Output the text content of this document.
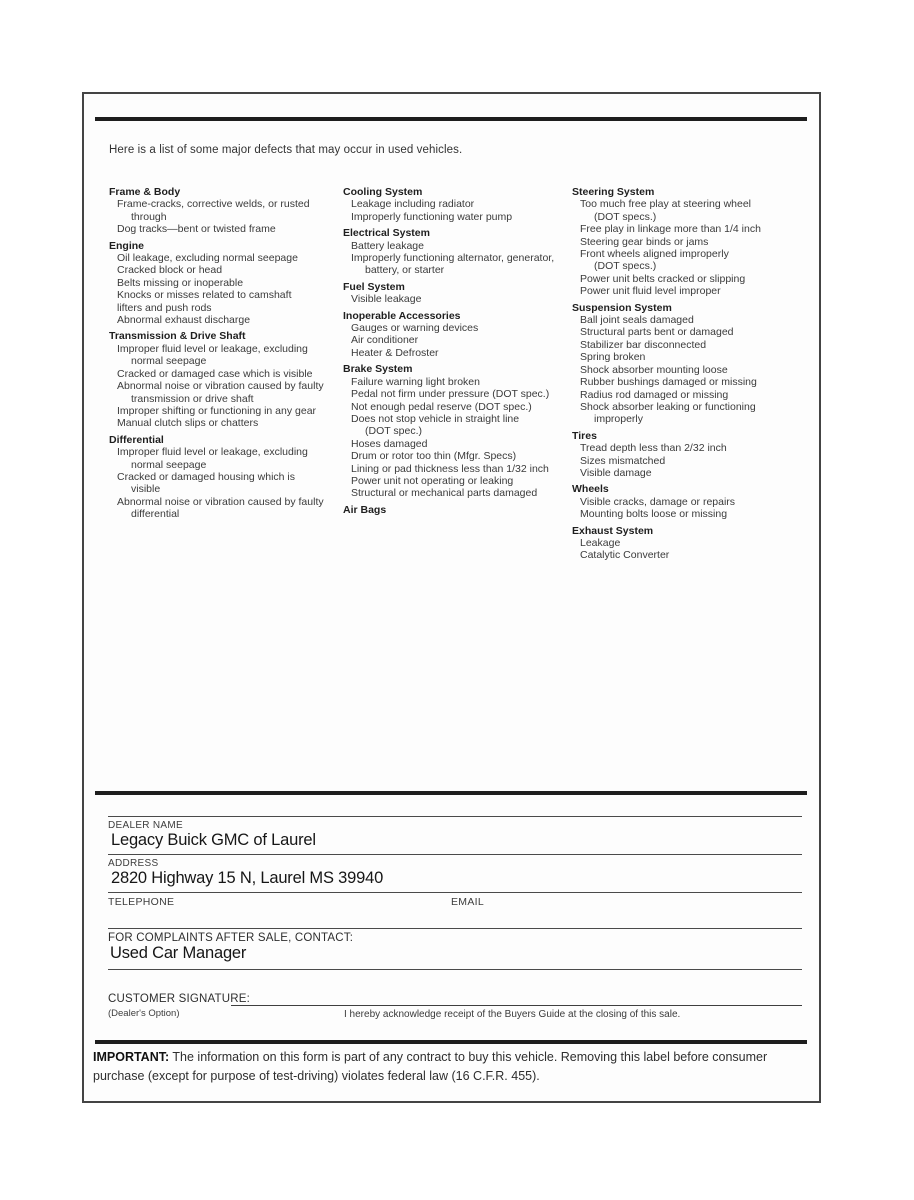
Here is a list of some major defects that may occur in used vehicles.
Frame & Body
Frame-cracks, corrective welds, or rusted
through
Dog tracks—bent or twisted frame
Engine
Oil leakage, excluding normal seepage
Cracked block or head
Belts missing or inoperable
Knocks or misses related to camshaft
lifters and push rods
Abnormal exhaust discharge
Transmission & Drive Shaft
Improper fluid level or leakage, excluding
normal seepage
Cracked or damaged case which is visible
Abnormal noise or vibration caused by faulty
transmission or drive shaft
Improper shifting or functioning in any gear
Manual clutch slips or chatters
Differential
Improper fluid level or leakage, excluding
normal seepage
Cracked or damaged housing which is
visible
Abnormal noise or vibration caused by faulty
differential
Cooling System
Leakage including radiator
Improperly functioning water pump
Electrical System
Battery leakage
Improperly functioning alternator, generator,
battery, or starter
Fuel System
Visible leakage
Inoperable Accessories
Gauges or warning devices
Air conditioner
Heater & Defroster
Brake System
Failure warning light broken
Pedal not firm under pressure (DOT spec.)
Not enough pedal reserve (DOT spec.)
Does not stop vehicle in straight line
(DOT spec.)
Hoses damaged
Drum or rotor too thin (Mfgr. Specs)
Lining or pad thickness less than 1/32 inch
Power unit not operating or leaking
Structural or mechanical parts damaged
Air Bags
Steering System
Too much free play at steering wheel
(DOT specs.)
Free play in linkage more than 1/4 inch
Steering gear binds or jams
Front wheels aligned improperly
(DOT specs.)
Power unit belts cracked or slipping
Power unit fluid level improper
Suspension System
Ball joint seals damaged
Structural parts bent or damaged
Stabilizer bar disconnected
Spring broken
Shock absorber mounting loose
Rubber bushings damaged or missing
Radius rod damaged or missing
Shock absorber leaking or functioning
improperly
Tires
Tread depth less than 2/32 inch
Sizes mismatched
Visible damage
Wheels
Visible cracks, damage or repairs
Mounting bolts loose or missing
Exhaust System
Leakage
Catalytic Converter
DEALER NAME
Legacy Buick GMC of Laurel
ADDRESS
2820 Highway 15 N, Laurel MS 39940
TELEPHONE	EMAIL
FOR COMPLAINTS AFTER SALE, CONTACT:
Used Car Manager
CUSTOMER SIGNATURE:
(Dealer's Option)	I hereby acknowledge receipt of the Buyers Guide at the closing of this sale.
IMPORTANT: The information on this form is part of any contract to buy this vehicle. Removing this label before consumer purchase (except for purpose of test-driving) violates federal law (16 C.F.R. 455).
